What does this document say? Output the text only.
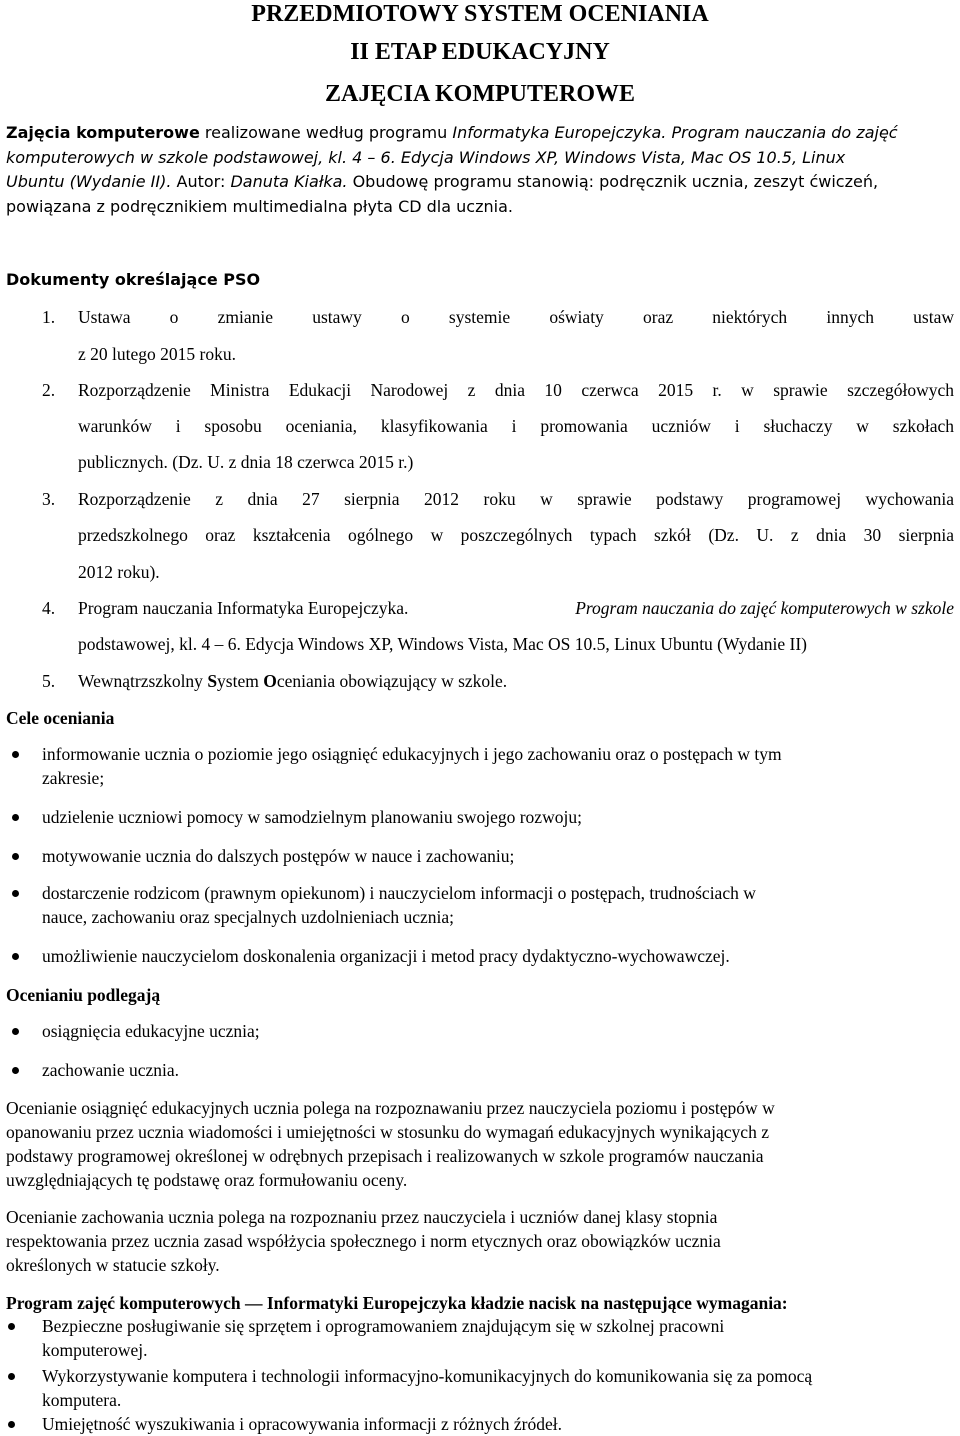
PRZEDMIOTOWY SYSTEM OCENIANIA
II ETAP EDUKACYJNY
ZAJĘCIA KOMPUTEROWE
Zajęcia komputerowe realizowane według programu Informatyka Europejczyka. Program nauczania do zajęć
komputerowych w szkole podstawowej, kl. 4 – 6. Edycja Windows XP, Windows Vista, Mac OS 10.5, Linux
Ubuntu (Wydanie II). Autor: Danuta Kiałka. Obudowę programu stanowią: podręcznik ucznia, zeszyt ćwiczeń,
powiązana z podręcznikiem multimedialna płyta CD dla ucznia.
Dokumenty określające PSO
1. Ustawa o zmianie ustawy o systemie oświaty oraz niektórych innych ustaw
z 20 lutego 2015 roku.
2. Rozporządzenie Ministra Edukacji Narodowej z dnia 10 czerwca 2015 r. w sprawie szczegółowych
warunków i sposobu oceniania, klasyfikowania i promowania uczniów i słuchaczy w szkołach
publicznych. (Dz. U. z dnia 18 czerwca 2015 r.)
3. Rozporządzenie z dnia 27 sierpnia 2012 roku w sprawie podstawy programowej wychowania
przedszkolnego oraz kształcenia ogólnego w poszczególnych typach szkół (Dz. U. z dnia 30 sierpnia
2012 roku).
4. Program nauczania Informatyka Europejczyka.	Program nauczania do zajęć komputerowych w szkole
podstawowej, kl. 4 – 6. Edycja Windows XP, Windows Vista, Mac OS 10.5, Linux Ubuntu (Wydanie II)
5. Wewnątrzszkolny System Oceniania obowiązujący w szkole.
Cele oceniania
informowanie ucznia o poziomie jego osiągnięć edukacyjnych i jego zachowaniu oraz o postępach w tym
zakresie;
udzielenie uczniowi pomocy w samodzielnym planowaniu swojego rozwoju;
motywowanie ucznia do dalszych postępów w nauce i zachowaniu;
dostarczenie rodzicom (prawnym opiekunom) i nauczycielom informacji o postępach, trudnościach w
nauce, zachowaniu oraz specjalnych uzdolnieniach ucznia;
umożliwienie nauczycielom doskonalenia organizacji i metod pracy dydaktyczno-wychowawczej.
Ocenianiu podlegają
osiągnięcia edukacyjne ucznia;
zachowanie ucznia.
Ocenianie osiągnięć edukacyjnych ucznia polega na rozpoznawaniu przez nauczyciela poziomu i postępów w
opanowaniu przez ucznia wiadomości i umiejętności w stosunku do wymagań edukacyjnych wynikających z
podstawy programowej określonej w odrębnych przepisach i realizowanych w szkole programów nauczania
uwzględniających tę podstawę oraz formułowaniu oceny.
Ocenianie zachowania ucznia polega na rozpoznaniu przez nauczyciela i uczniów danej klasy stopnia
respektowania przez ucznia zasad współżycia społecznego i norm etycznych oraz obowiązków ucznia
określonych w statucie szkoły.
Program zajęć komputerowych — Informatyki Europejczyka kładzie nacisk na następujące wymagania:
Bezpieczne posługiwanie się sprzętem i oprogramowaniem znajdującym się w szkolnej pracowni
komputerowej.
Wykorzystywanie komputera i technologii informacyjno-komunikacyjnych do komunikowania się za pomocą
komputera.
Umiejętność wyszukiwania i opracowywania informacji z różnych źródeł.
